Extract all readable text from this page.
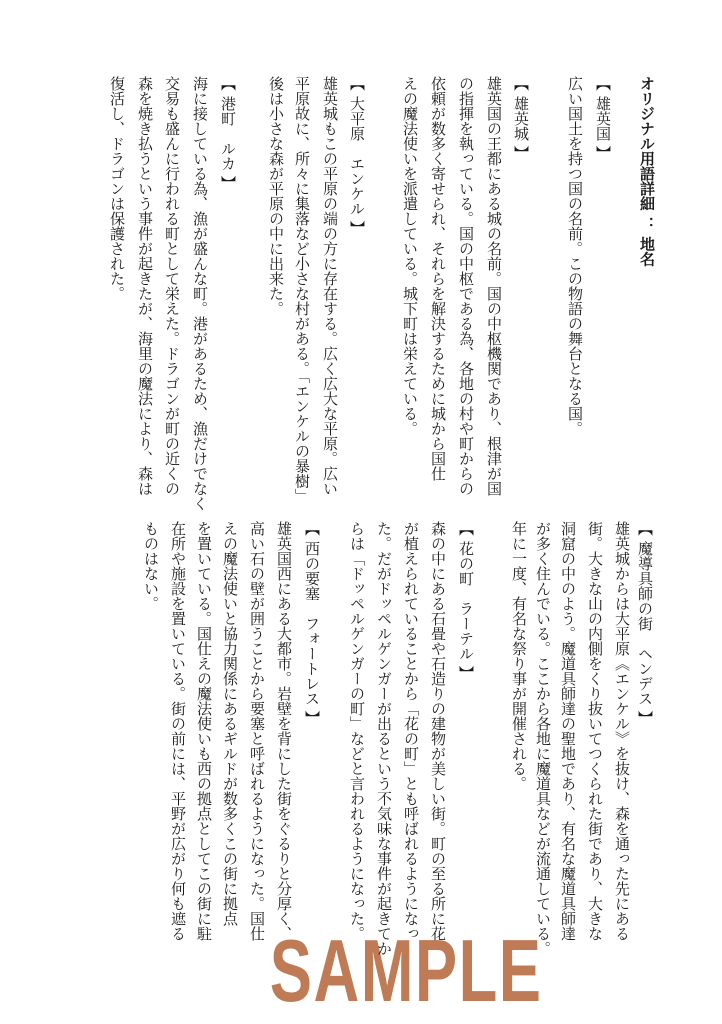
オリジナル用語詳細 ： 地名
SAMPLE
【 雄英国 】
広い国土を持つ国の名前。この物語の舞台となる国。
【 雄英城 】
雄英国の王都にある城の名前。国の中枢機関であり、根津が国
の指揮を執っている。国の中枢である為、各地の村や町からの
依頼が数多く寄せられ、それらを解決するために城から国仕
えの魔法使いを派遣している。城下町は栄えている。
【 大平原　エンケル 】
雄英城もこの平原の端の方に存在する。広く広大な平原。広い
平原故に、所々に集落など小さな村がある。「エンケルの暴樹」
後は小さな森が平原の中に出来た。
【 港町　ルカ 】
海に接している為、漁が盛んな町。港があるため、漁だけでなく
交易も盛んに行われる町として栄えた。ドラゴンが町の近くの
森を焼き払うという事件が起きたが、海里の魔法により、森は
復活し、ドラゴンは保護された。
【 魔導具師の街　ヘンデス 】
雄英城からは大平原《エンケル》を抜け、森を通った先にある
街。大きな山の内側をくり抜いてつくられた街であり、大きな
洞窟の中のよう。魔道具師達の聖地であり、有名な魔道具師達
が多く住んでいる。ここから各地に魔道具などが流通している。
年に一度、有名な祭り事が開催される。
【 花の町　ラーテル 】
森の中にある石畳や石造りの建物が美しい街。町の至る所に花
が植えられていることから「花の町」とも呼ばれるようになっ
た。だがドッペルゲンガーが出るという不気味な事件が起きてか
らは「ドッペルゲンガーの町」などと言われるようになった。
【 西の要塞　フォートレス 】
雄英国西にある大都市。岩壁を背にした街をぐるりと分厚く、
高い石の壁が囲うことから要塞と呼ばれるようになった。国仕
えの魔法使いと協力関係にあるギルドが数多くこの街に拠点
を置いている。国仕えの魔法使いも西の拠点としてこの街に駐
在所や施設を置いている。街の前には、平野が広がり何も遮る
ものはない。
